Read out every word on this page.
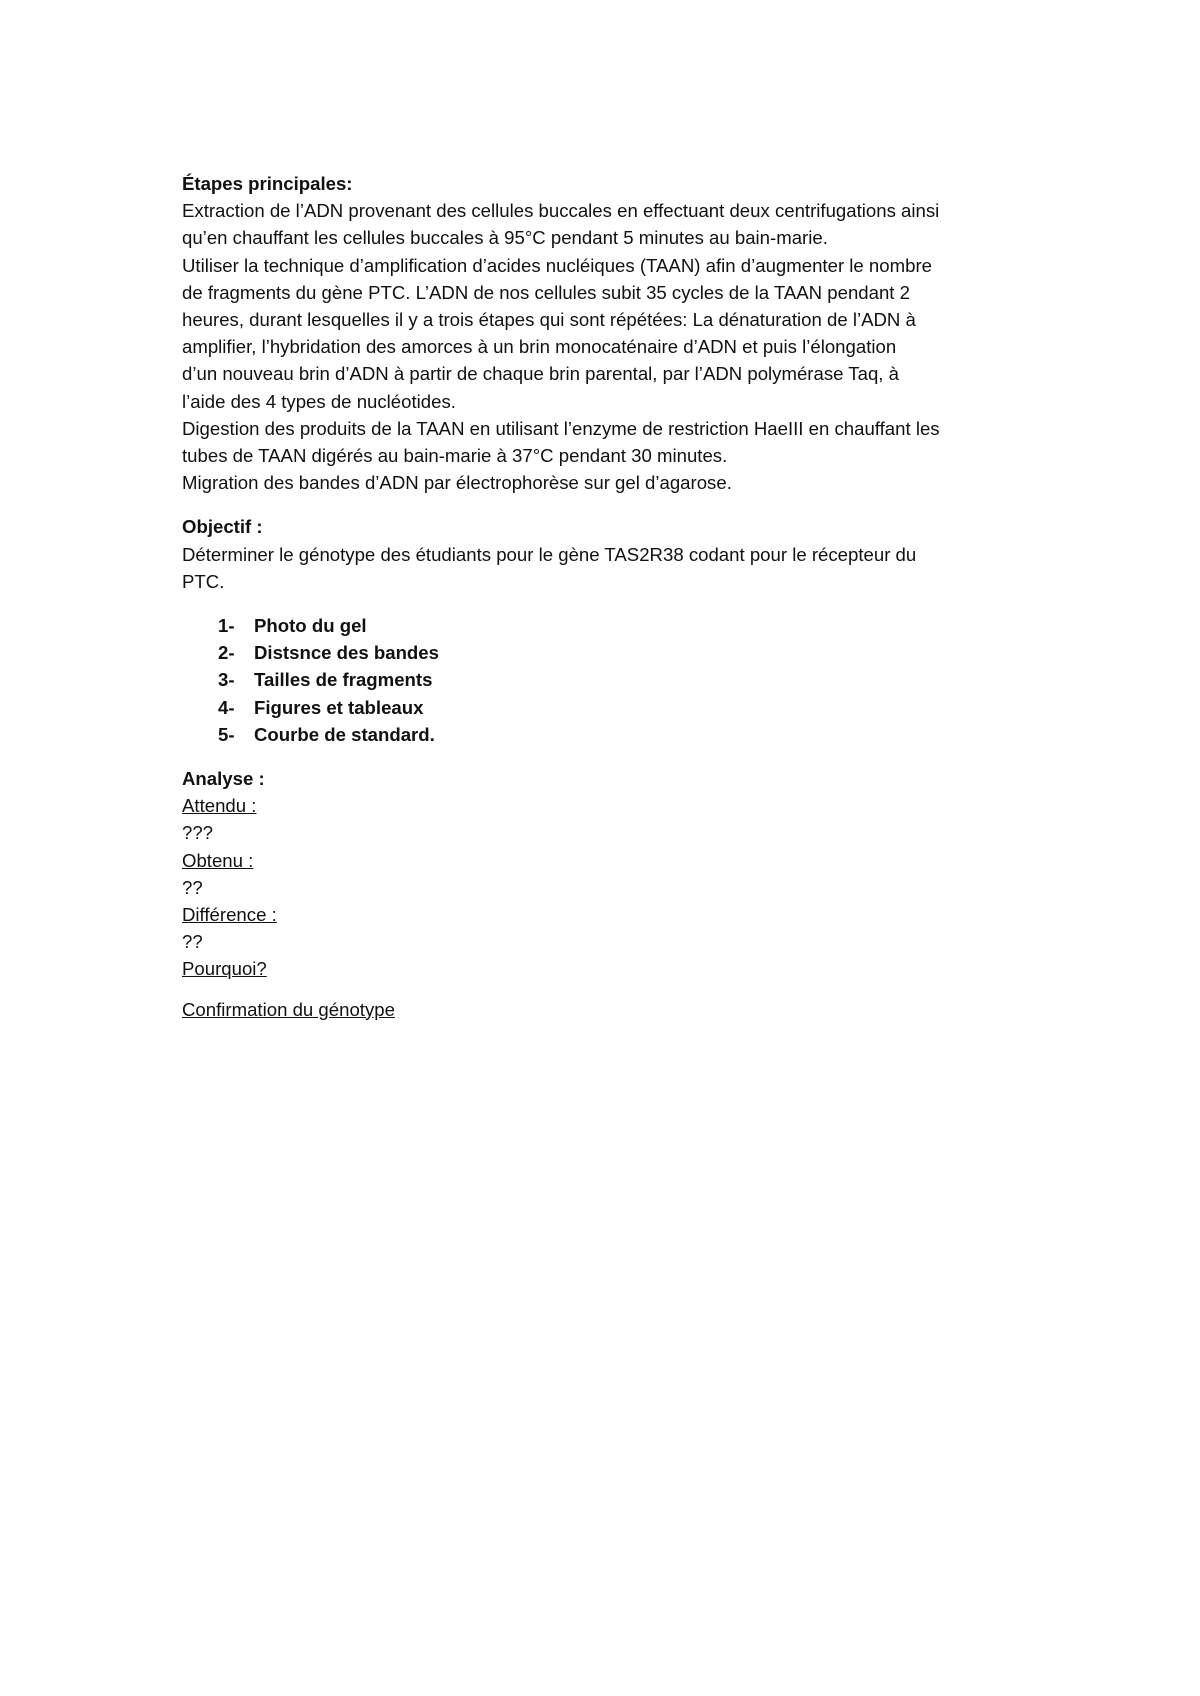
Étapes principales:

Extraction de l’ADN provenant des cellules buccales en effectuant deux centrifugations ainsi

qu’en chauffant les cellules buccales à 95°C pendant 5 minutes au bain-marie.

Utiliser la technique d’amplification d’acides nucléiques (TAAN) afin d’augmenter le nombre

de fragments du gène PTC. L’ADN de nos cellules subit 35 cycles de la TAAN pendant 2

heures, durant lesquelles il y a trois étapes qui sont répétées: La dénaturation de l’ADN à

amplifier, l’hybridation des amorces à un brin monocaténaire d’ADN et puis l’élongation

d’un nouveau brin d’ADN à partir de chaque brin parental, par l’ADN polymérase Taq, à

l’aide des 4 types de nucléotides.

Digestion des produits de la TAAN en utilisant l’enzyme de restriction HaeIII en chauffant les

tubes de TAAN digérés au bain-marie à 37°C pendant 30 minutes.

Migration des bandes d’ADN par électrophorèse sur gel d’agarose.

Objectif :

Déterminer le génotype des étudiants pour le gène TAS2R38 codant pour le récepteur du

PTC.

1-	Photo du gel
2-	Distsnce des bandes
3-	Tailles de fragments
4-	Figures et tableaux
5-	Courbe de standard.

Analyse :

Attendu :

???

Obtenu :

??

Différence :

??

Pourquoi?

Confirmation du génotype
